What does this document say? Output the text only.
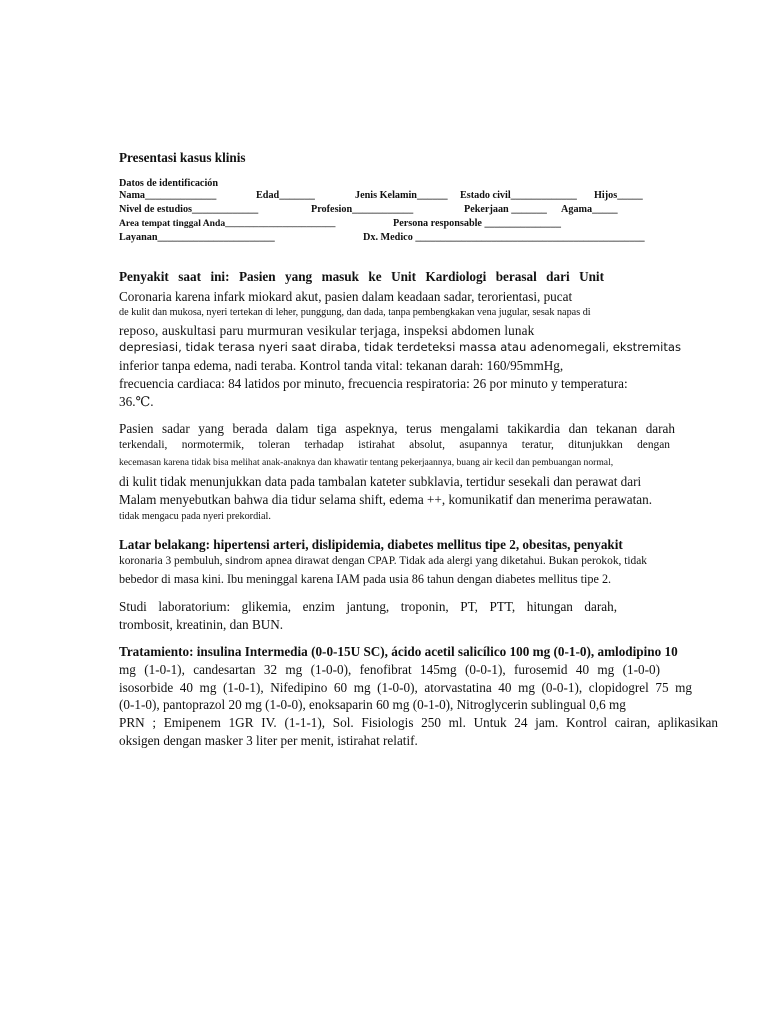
Presentasi kasus klinis
Datos de identificación
Nama______________	Edad_______	Jenis Kelamin______ Estado civil_____________ Hijos_____
Nivel de estudios_____________	Profesion____________	Pekerjaan _______ Agama_____
Area tempat tinggal Anda_______________________	Persona responsable _______________
Layanan_______________________	Dx. Medico _____________________________________________
Penyakit saat ini: Pasien yang masuk ke Unit Kardiologi berasal dari Unit
Coronaria karena infark miokard akut, pasien dalam keadaan sadar, terorientasi, pucat
de kulit dan mukosa, nyeri tertekan di leher, punggung, dan dada, tanpa pembengkakan vena jugular, sesak napas di
reposo, auskultasi paru murmuran vesikular terjaga, inspeksi abdomen lunak
depresiasi, tidak terasa nyeri saat diraba, tidak terdeteksi massa atau adenomegali, ekstremitas
inferior tanpa edema, nadi teraba. Kontrol tanda vital: tekanan darah: 160/95mmHg,
frecuencia cardiaca: 84 latidos por minuto, frecuencia respiratoria: 26 por minuto y temperatura:
36.℃.
Pasien sadar yang berada dalam tiga aspeknya, terus mengalami takikardia dan tekanan darah
terkendali, normotermik, toleran terhadap istirahat absolut, asupannya teratur, ditunjukkan dengan
kecemasan karena tidak bisa melihat anak-anaknya dan khawatir tentang pekerjaannya, buang air kecil dan pembuangan normal,
di kulit tidak menunjukkan data pada tambalan kateter subklavia, tertidur sesekali dan perawat dari
Malam menyebutkan bahwa dia tidur selama shift, edema ++, komunikatif dan menerima perawatan.
tidak mengacu pada nyeri prekordial.
Latar belakang: hipertensi arteri, dislipidemia, diabetes mellitus tipe 2, obesitas, penyakit
koronaria 3 pembuluh, sindrom apnea dirawat dengan CPAP. Tidak ada alergi yang diketahui. Bukan perokok, tidak
bebedor di masa kini. Ibu meninggal karena IAM pada usia 86 tahun dengan diabetes mellitus tipe 2.
Studi laboratorium: glikemia, enzim jantung, troponin, PT, PTT, hitungan darah,
trombosit, kreatinin, dan BUN.
Tratamiento: insulina Intermedia (0-0-15U SC), ácido acetil salicílico 100 mg (0-1-0), amlodipino 10
mg (1-0-1), candesartan 32 mg (1-0-0), fenofibrat 145mg (0-0-1), furosemid 40 mg (1-0-0)
isosorbide 40 mg (1-0-1), Nifedipino 60 mg (1-0-0), atorvastatina 40 mg (0-0-1), clopidogrel 75 mg
(0-1-0), pantoprazol 20 mg (1-0-0), enoksaparin 60 mg (0-1-0), Nitroglycerin sublingual 0,6 mg
PRN ; Emipenem 1GR IV. (1-1-1), Sol. Fisiologis 250 ml. Untuk 24 jam. Kontrol cairan, aplikasikan
oksigen dengan masker 3 liter per menit, istirahat relatif.
